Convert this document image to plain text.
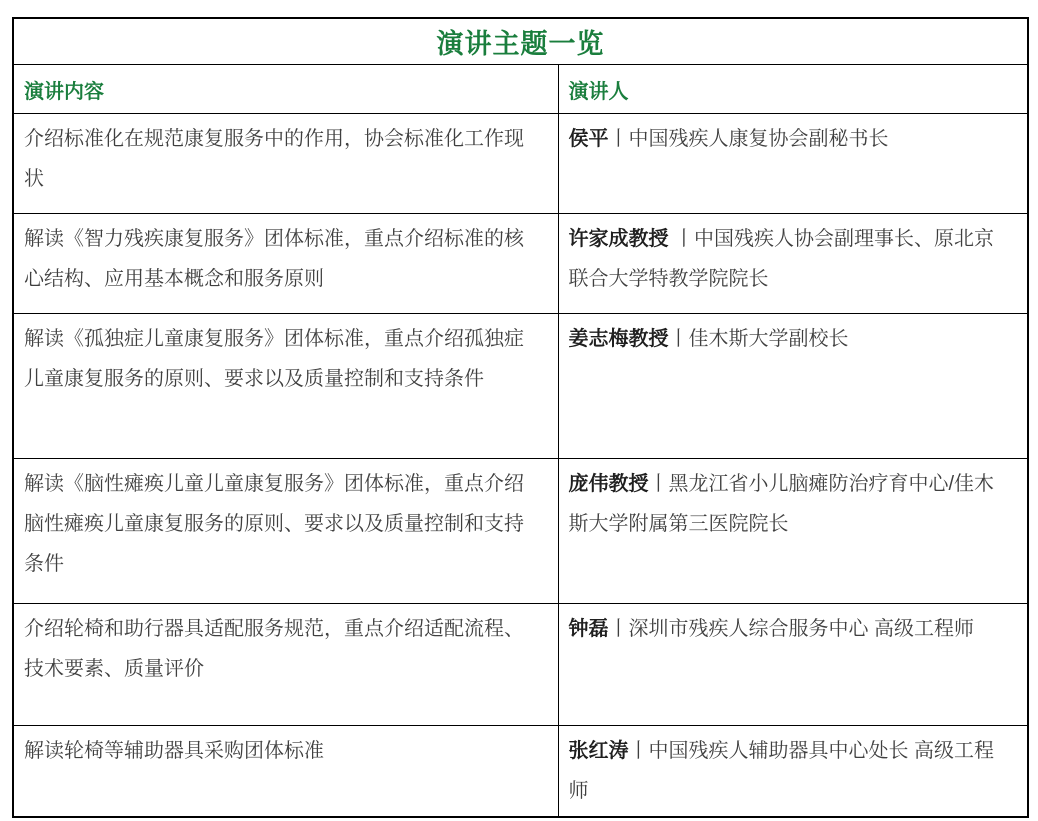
演讲主题一览	
演讲内容	演讲人
介绍标准化在规范康复服务中的作用，协会标准化工作现状	侯平丨中国残疾人康复协会副秘书长
解读《智力残疾康复服务》团体标准，重点介绍标准的核心结构、应用基本概念和服务原则	许家成教授 丨中国残疾人协会副理事长、原北京联合大学特教学院院长
解读《孤独症儿童康复服务》团体标准，重点介绍孤独症儿童康复服务的原则、要求以及质量控制和支持条件	姜志梅教授丨佳木斯大学副校长
解读《脑性瘫痪儿童儿童康复服务》团体标准，重点介绍脑性瘫痪儿童康复服务的原则、要求以及质量控制和支持条件	庞伟教授丨黑龙江省小儿脑瘫防治疗育中心/佳木斯大学附属第三医院院长
介绍轮椅和助行器具适配服务规范，重点介绍适配流程、技术要素、质量评价	钟磊丨深圳市残疾人综合服务中心 高级工程师
解读轮椅等辅助器具采购团体标准	张红涛丨中国残疾人辅助器具中心处长 高级工程师
